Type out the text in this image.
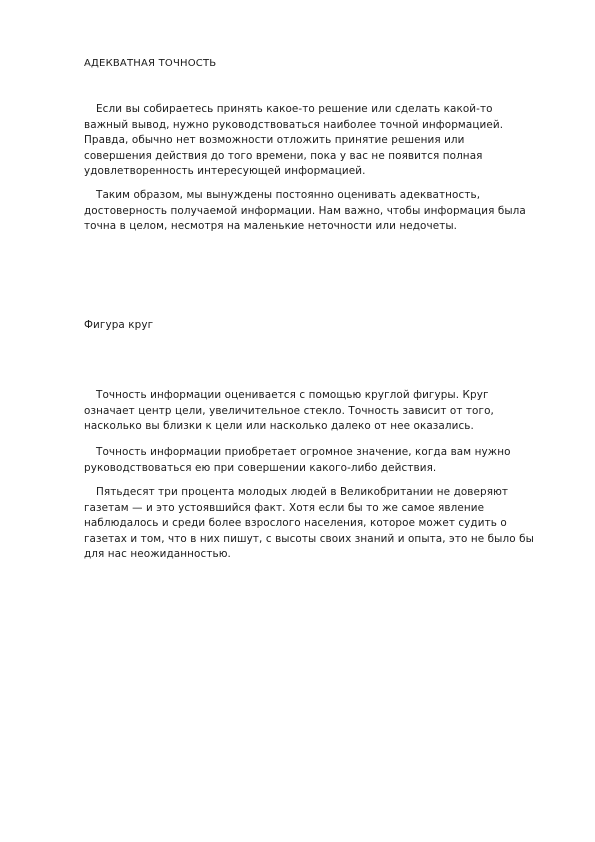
АДЕКВАТНАЯ ТОЧНОСТЬ

Если вы собираетесь принять какое-то решение или сделать какой-то важный вывод, нужно руководствоваться наиболее точной информацией. Правда, обычно нет возможности отложить принятие решения или совершения действия до того времени, пока у вас не появится полная удовлетворенность интересующей информацией.

Таким образом, мы вынуждены постоянно оценивать адекватность, достоверность получаемой информации. Нам важно, чтобы информация была точна в целом, несмотря на маленькие неточности или недочеты.

Фигура круг

Точность информации оценивается с помощью круглой фигуры. Круг означает центр цели, увеличительное стекло. Точность зависит от того, насколько вы близки к цели или насколько далеко от нее оказались.

Точность информации приобретает огромное значение, когда вам нужно руководствоваться ею при совершении какого-либо действия.

Пятьдесят три процента молодых людей в Великобритании не доверяют газетам — и это устоявшийся факт. Хотя если бы то же самое явление наблюдалось и среди более взрослого населения, которое может судить о газетах и том, что в них пишут, с высоты своих знаний и опыта, это не было бы для нас неожиданностью.
